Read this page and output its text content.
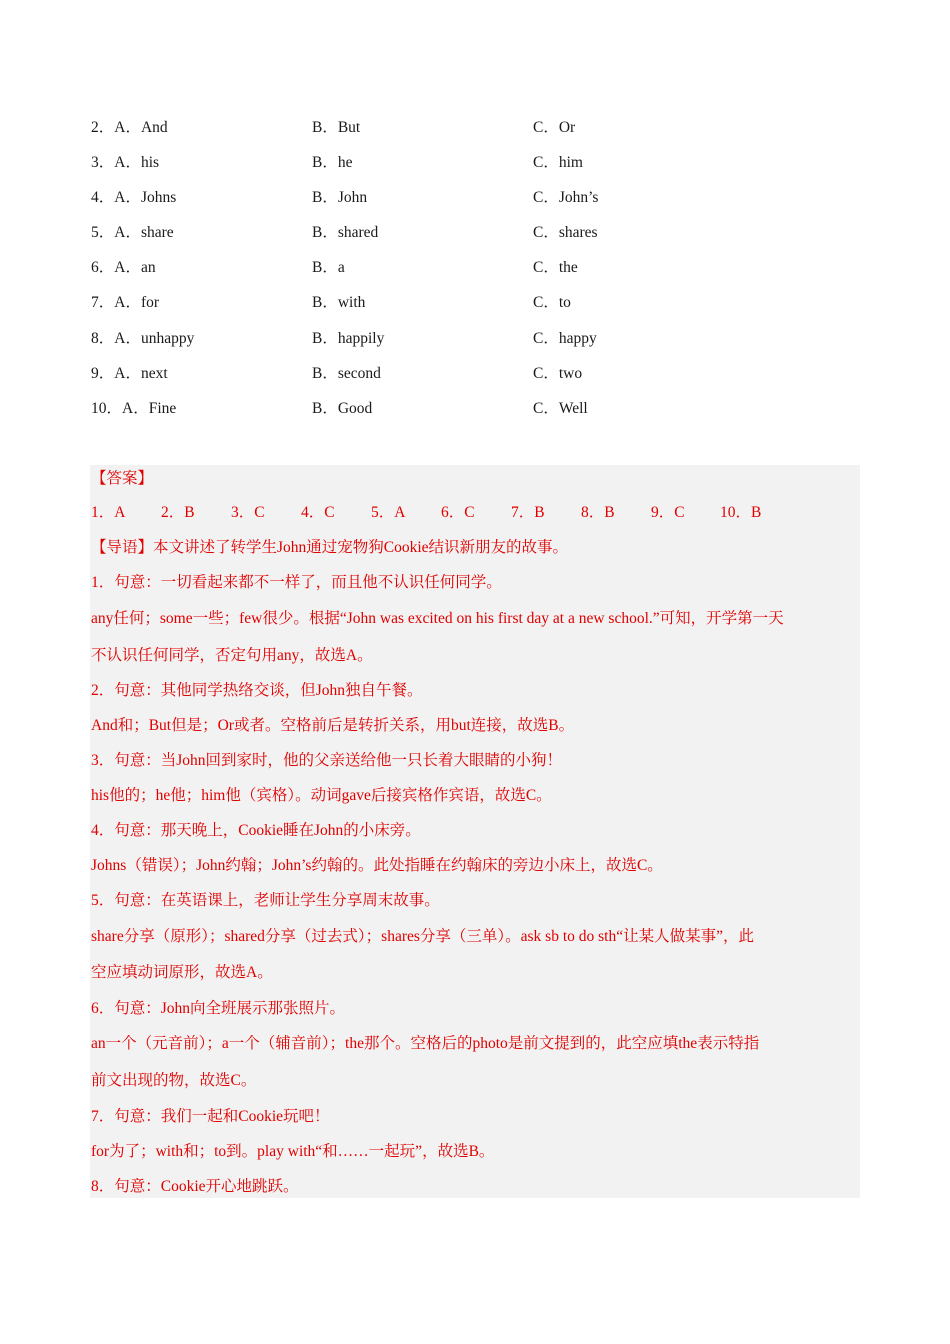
2．A．And	B．But	C．Or
3．A．his	B．he	C．him
4．A．Johns	B．John	C．John’s
5．A．share	B．shared	C．shares
6．A．an	B．a	C．the
7．A．for	B．with	C．to
8．A．unhappy	B．happily	C．happy
9．A．next	B．second	C．two
10．A．Fine	B．Good	C．Well
【答案】
1．A 2．B 3．C 4．C 5．A 6．C 7．B 8．B 9．C 10．B
【导语】本文讲述了转学生John通过宠物狗Cookie结识新朋友的故事。
1．句意：一切看起来都不一样了，而且他不认识任何同学。
any任何；some一些；few很少。根据“John was excited on his first day at a new school.”可知，开学第一天
不认识任何同学，否定句用any，故选A。
2．句意：其他同学热络交谈，但John独自午餐。
And和；But但是；Or或者。空格前后是转折关系，用but连接，故选B。
3．句意：当John回到家时，他的父亲送给他一只长着大眼睛的小狗！
his他的；he他；him他（宾格）。动词gave后接宾格作宾语，故选C。
4．句意：那天晚上，Cookie睡在John的小床旁。
Johns（错误）；John约翰；John’s约翰的。此处指睡在约翰床的旁边小床上，故选C。
5．句意：在英语课上，老师让学生分享周末故事。
share分享（原形）；shared分享（过去式）；shares分享（三单）。ask sb to do sth“让某人做某事”，此
空应填动词原形，故选A。
6．句意：John向全班展示那张照片。
an一个（元音前）；a一个（辅音前）；the那个。空格后的photo是前文提到的，此空应填the表示特指
前文出现的物，故选C。
7．句意：我们一起和Cookie玩吧！
for为了；with和；to到。play with“和……一起玩”，故选B。
8．句意：Cookie开心地跳跃。
